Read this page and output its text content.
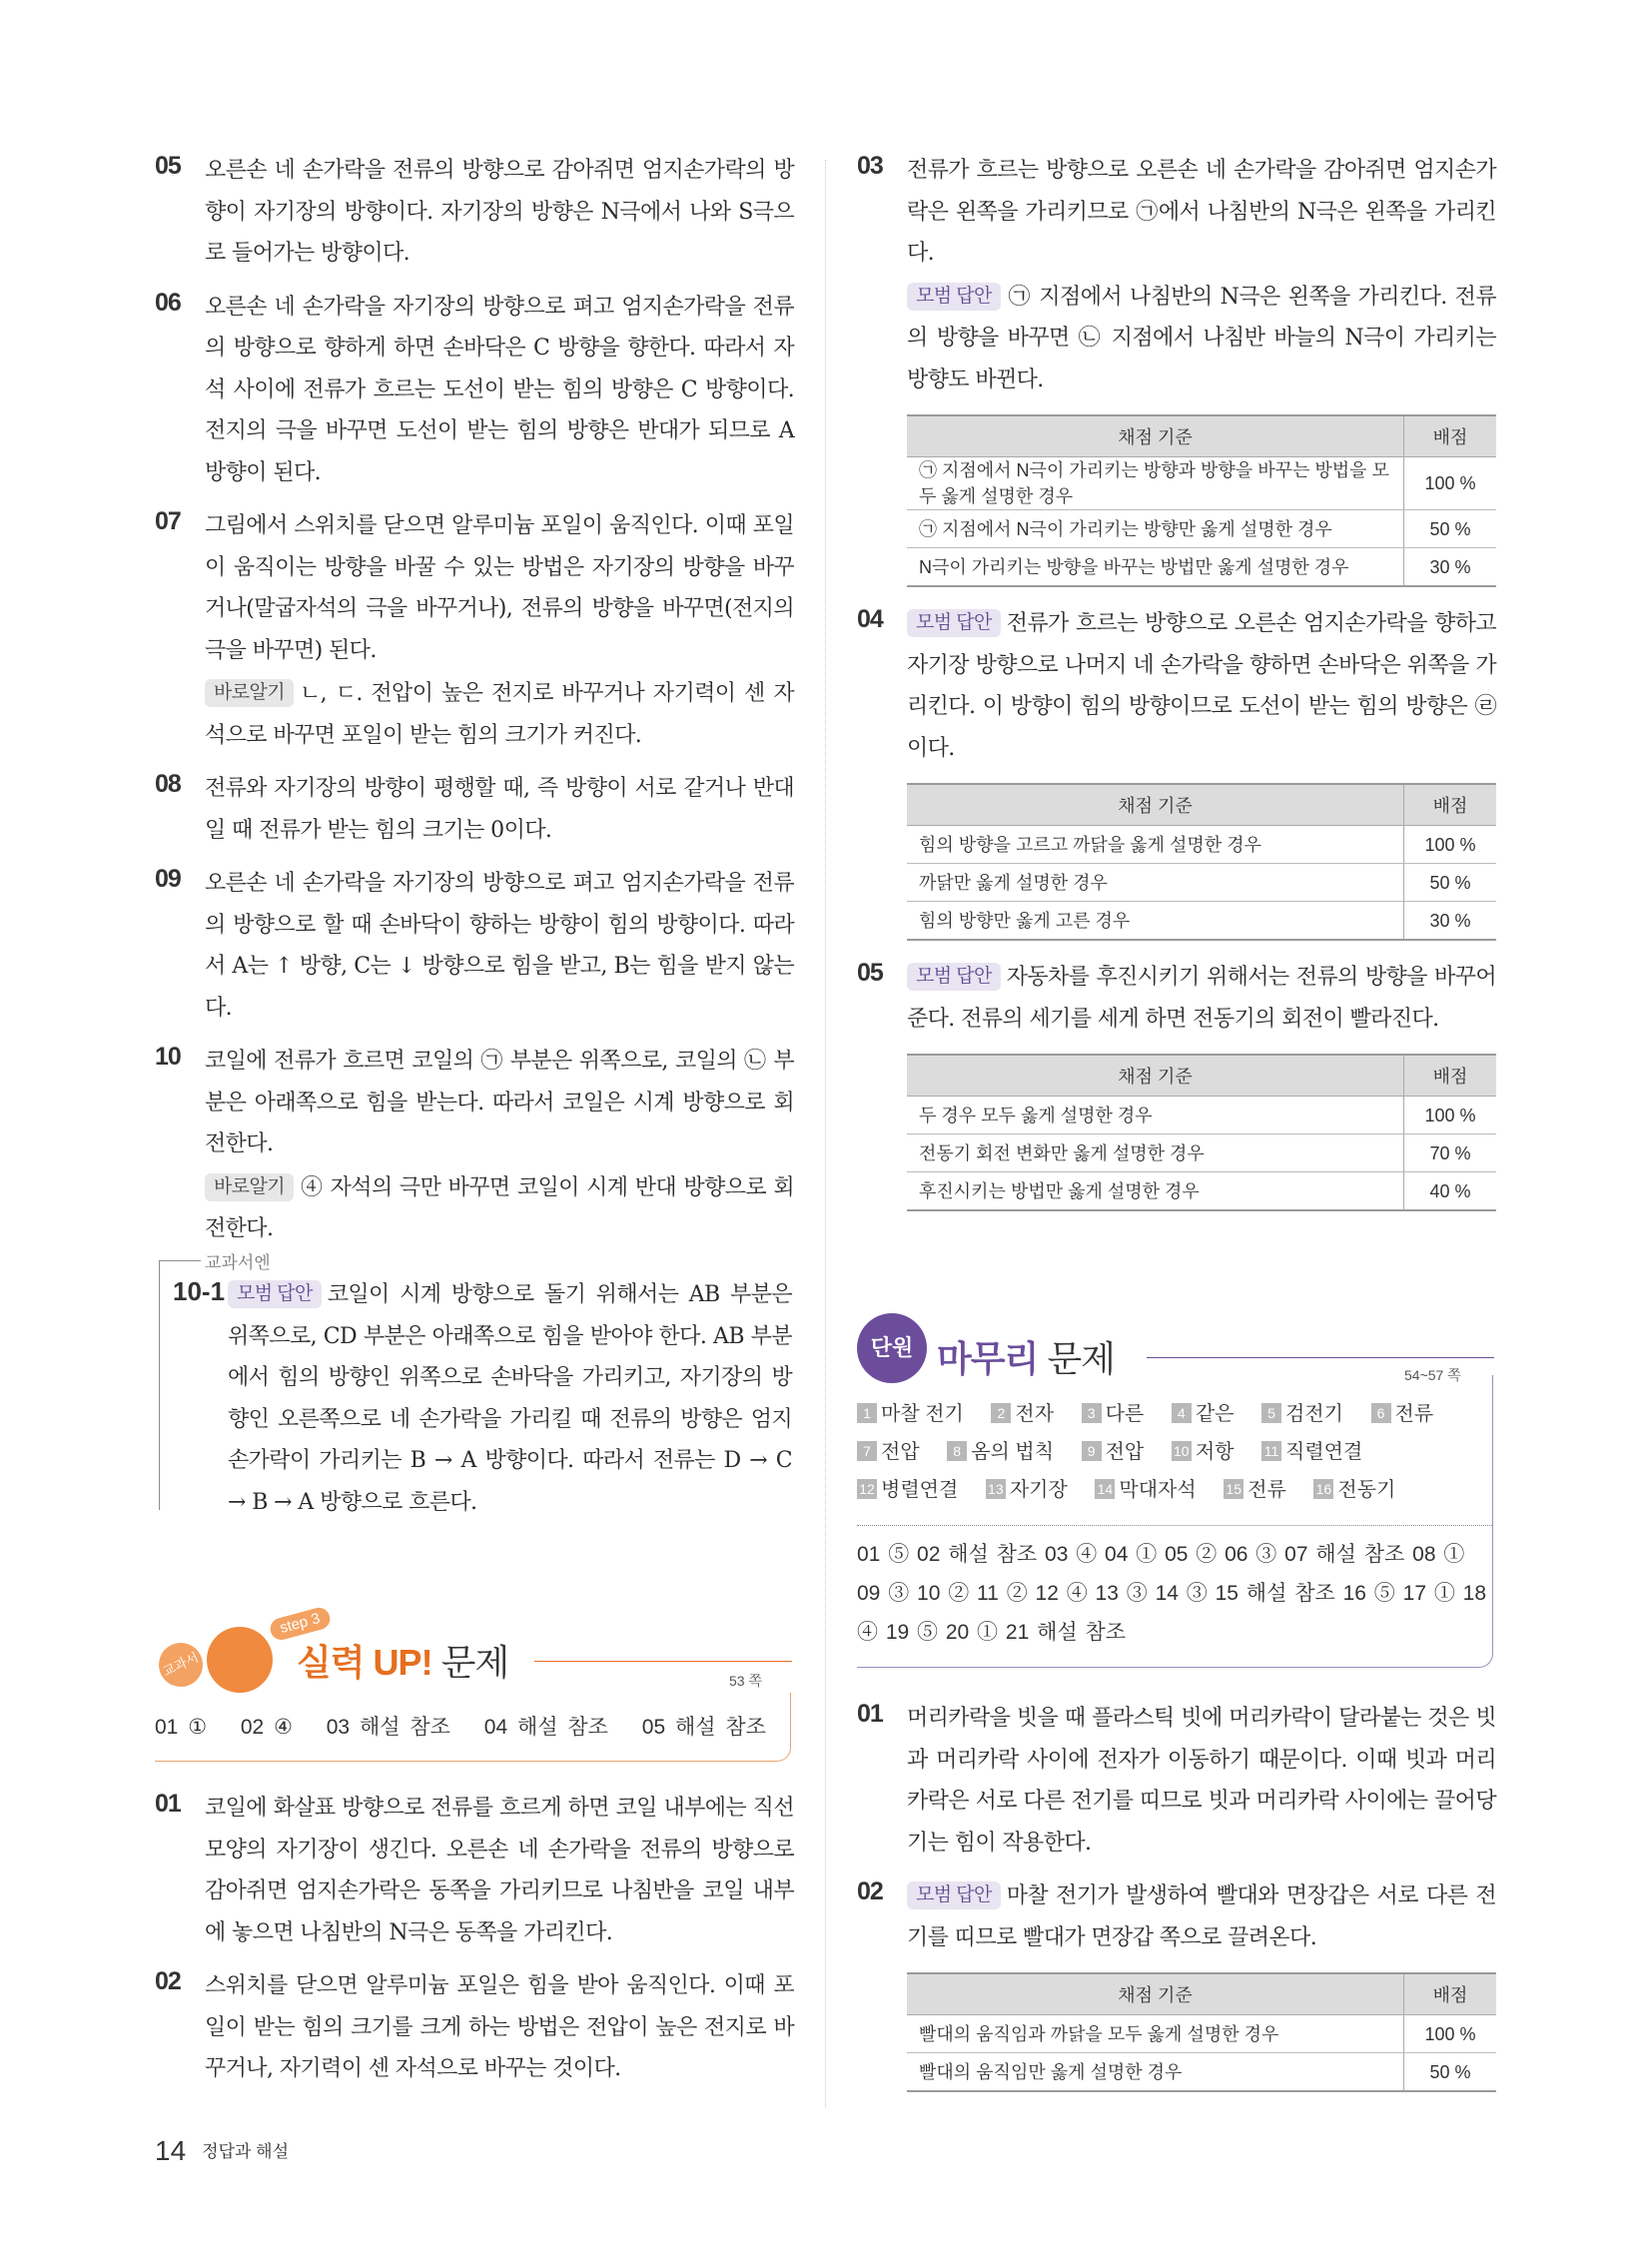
05 오른손 네 손가락을 전류의 방향으로 감아쥐면 엄지손가락의 방향이 자기장의 방향이다. 자기장의 방향은 N극에서 나와 S극으로 들어가는 방향이다.
06 오른손 네 손가락을 자기장의 방향으로 펴고 엄지손가락을 전류의 방향으로 향하게 하면 손바닥은 C 방향을 향한다. 따라서 자석 사이에 전류가 흐르는 도선이 받는 힘의 방향은 C 방향이다. 전지의 극을 바꾸면 도선이 받는 힘의 방향은 반대가 되므로 A 방향이 된다.
07 그림에서 스위치를 닫으면 알루미늄 포일이 움직인다. 이때 포일이 움직이는 방향을 바꿀 수 있는 방법은 자기장의 방향을 바꾸거나(말굽자석의 극을 바꾸거나), 전류의 방향을 바꾸면(전지의 극을 바꾸면) 된다.
바로알기 ㄴ, ㄷ. 전압이 높은 전지로 바꾸거나 자기력이 센 자석으로 바꾸면 포일이 받는 힘의 크기가 커진다.
08 전류와 자기장의 방향이 평행할 때, 즉 방향이 서로 같거나 반대일 때 전류가 받는 힘의 크기는 0이다.
09 오른손 네 손가락을 자기장의 방향으로 펴고 엄지손가락을 전류의 방향으로 할 때 손바닥이 향하는 방향이 힘의 방향이다. 따라서 A는 ↑ 방향, C는 ↓ 방향으로 힘을 받고, B는 힘을 받지 않는다.
10 코일에 전류가 흐르면 코일의 ㉠ 부분은 위쪽으로, 코일의 ㉡ 부분은 아래쪽으로 힘을 받는다. 따라서 코일은 시계 방향으로 회전한다.
바로알기 ④ 자석의 극만 바꾸면 코일이 시계 반대 방향으로 회전한다.
교과서엔
10-1 모범 답안 코일이 시계 방향으로 돌기 위해서는 AB 부분은 위쪽으로, CD 부분은 아래쪽으로 힘을 받아야 한다. AB 부분에서 힘의 방향인 위쪽으로 손바닥을 가리키고, 자기장의 방향인 오른쪽으로 네 손가락을 가리킬 때 전류의 방향은 엄지손가락이 가리키는 B → A 방향이다. 따라서 전류는 D → C → B → A 방향으로 흐른다.
교과서
step 3
실력 UP! 문제	53 쪽
01 ① 02 ④ 03 해설 참조 04 해설 참조 05 해설 참조
01 코일에 화살표 방향으로 전류를 흐르게 하면 코일 내부에는 직선 모양의 자기장이 생긴다. 오른손 네 손가락을 전류의 방향으로 감아쥐면 엄지손가락은 동쪽을 가리키므로 나침반을 코일 내부에 놓으면 나침반의 N극은 동쪽을 가리킨다.
02 스위치를 닫으면 알루미늄 포일은 힘을 받아 움직인다. 이때 포일이 받는 힘의 크기를 크게 하는 방법은 전압이 높은 전지로 바꾸거나, 자기력이 센 자석으로 바꾸는 것이다.
03 전류가 흐르는 방향으로 오른손 네 손가락을 감아쥐면 엄지손가락은 왼쪽을 가리키므로 ㉠에서 나침반의 N극은 왼쪽을 가리킨다.
모범 답안 ㉠ 지점에서 나침반의 N극은 왼쪽을 가리킨다. 전류의 방향을 바꾸면 ㉡ 지점에서 나침반 바늘의 N극이 가리키는 방향도 바뀐다.
채점 기준	배점
㉠ 지점에서 N극이 가리키는 방향과 방향을 바꾸는 방법을 모두 옳게 설명한 경우	100 %
㉠ 지점에서 N극이 가리키는 방향만 옳게 설명한 경우	50 %
N극이 가리키는 방향을 바꾸는 방법만 옳게 설명한 경우	30 %
04	모범 답안 전류가 흐르는 방향으로 오른손 엄지손가락을 향하고 자기장 방향으로 나머지 네 손가락을 향하면 손바닥은 위쪽을 가리킨다. 이 방향이 힘의 방향이므로 도선이 받는 힘의 방향은 ㉣이다.
채점 기준	배점
힘의 방향을 고르고 까닭을 옳게 설명한 경우	100 %
까닭만 옳게 설명한 경우	50 %
힘의 방향만 옳게 고른 경우	30 %
05	모범 답안 자동차를 후진시키기 위해서는 전류의 방향을 바꾸어 준다. 전류의 세기를 세게 하면 전동기의 회전이 빨라진다.
채점 기준	배점
두 경우 모두 옳게 설명한 경우	100 %
전동기 회전 변화만 옳게 설명한 경우	70 %
후진시키는 방법만 옳게 설명한 경우	40 %
단원 마무리 문제	54~57 쪽
1 마찰 전기 2 전자 3 다른 4 같은 5 검전기 6 전류 7 전압 8 옴의 법칙 9 전압 10 저항 11 직렬연결 12 병렬연결 13 자기장 14 막대자석 15 전류 16 전동기
01 ⑤ 02 해설 참조 03 ④ 04 ① 05 ② 06 ③ 07 해설 참조 08 ① 09 ③ 10 ② 11 ② 12 ④ 13 ③ 14 ③ 15 해설 참조 16 ⑤ 17 ① 18 ④ 19 ⑤ 20 ① 21 해설 참조
01 머리카락을 빗을 때 플라스틱 빗에 머리카락이 달라붙는 것은 빗과 머리카락 사이에 전자가 이동하기 때문이다. 이때 빗과 머리카락은 서로 다른 전기를 띠므로 빗과 머리카락 사이에는 끌어당기는 힘이 작용한다.
02	모범 답안 마찰 전기가 발생하여 빨대와 면장갑은 서로 다른 전기를 띠므로 빨대가 면장갑 쪽으로 끌려온다.
채점 기준	배점
빨대의 움직임과 까닭을 모두 옳게 설명한 경우	100 %
빨대의 움직임만 옳게 설명한 경우	50 %
14 정답과 해설
